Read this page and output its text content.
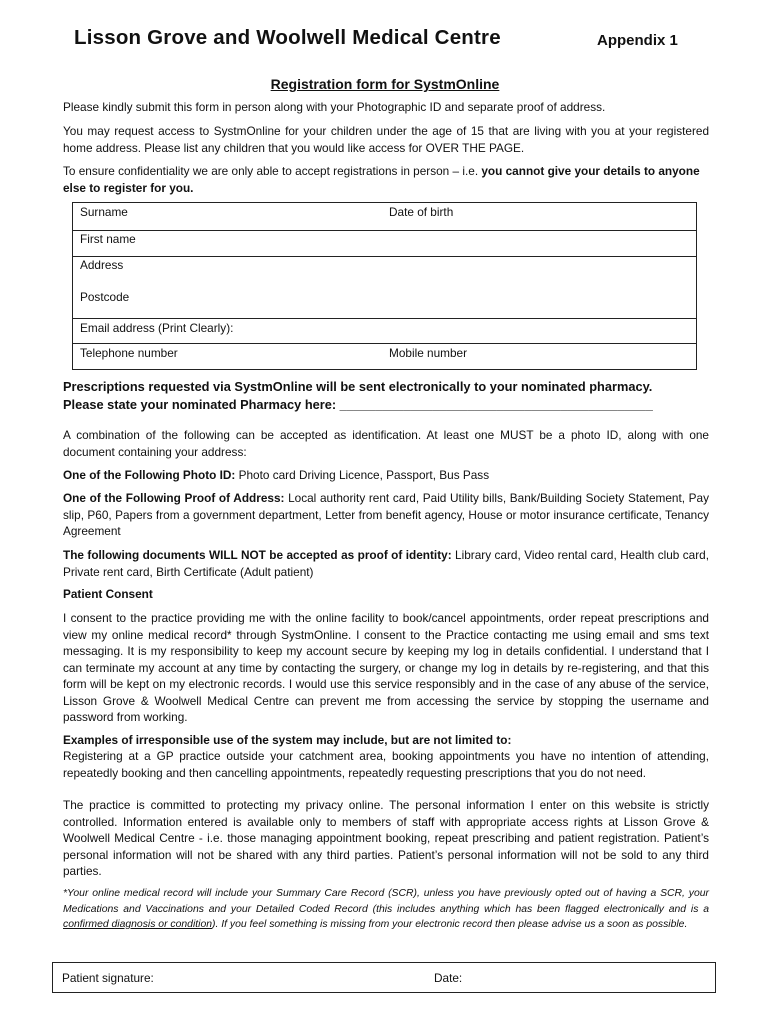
Lisson Grove and Woolwell Medical Centre	Appendix 1
Registration form for SystmOnline
Please kindly submit this form in person along with your Photographic ID and separate proof of address.
You may request access to SystmOnline for your children under the age of 15 that are living with you at your registered home address. Please list any children that you would like access for OVER THE PAGE.
To ensure confidentiality we are only able to accept registrations in person – i.e. you cannot give your details to anyone else to register for you.
Surname	Date of birth
First name
Address
Postcode
Email address (Print Clearly):
Telephone number	Mobile number
Prescriptions requested via SystmOnline will be sent electronically to your nominated pharmacy.
Please state your nominated Pharmacy here: ____________________________________________
A combination of the following can be accepted as identification. At least one MUST be a photo ID, along with one document containing your address:
One of the Following Photo ID: Photo card Driving Licence, Passport, Bus Pass
One of the Following Proof of Address: Local authority rent card, Paid Utility bills, Bank/Building Society Statement, Pay slip, P60, Papers from a government department, Letter from benefit agency, House or motor insurance certificate, Tenancy Agreement
The following documents WILL NOT be accepted as proof of identity: Library card, Video rental card, Health club card, Private rent card, Birth Certificate (Adult patient)
Patient Consent
I consent to the practice providing me with the online facility to book/cancel appointments, order repeat prescriptions and view my online medical record* through SystmOnline. I consent to the Practice contacting me using email and sms text messaging. It is my responsibility to keep my account secure by keeping my log in details confidential. I understand that I can terminate my account at any time by contacting the surgery, or change my log in details by re-registering, and that this form will be kept on my electronic records. I would use this service responsibly and in the case of any abuse of the service, Lisson Grove & Woolwell Medical Centre can prevent me from accessing the service by stopping the username and password from working.
Examples of irresponsible use of the system may include, but are not limited to:
Registering at a GP practice outside your catchment area, booking appointments you have no intention of attending, repeatedly booking and then cancelling appointments, repeatedly requesting prescriptions that you do not need.
The practice is committed to protecting my privacy online. The personal information I enter on this website is strictly controlled. Information entered is available only to members of staff with appropriate access rights at Lisson Grove & Woolwell Medical Centre - i.e. those managing appointment booking, repeat prescribing and patient registration. Patient’s personal information will not be shared with any third parties. Patient’s personal information will not be sold to any third parties.
*Your online medical record will include your Summary Care Record (SCR), unless you have previously opted out of having a SCR, your Medications and Vaccinations and your Detailed Coded Record (this includes anything which has been flagged electronically and is a confirmed diagnosis or condition). If you feel something is missing from your electronic record then please advise us a soon as possible.
Patient signature:	Date:
